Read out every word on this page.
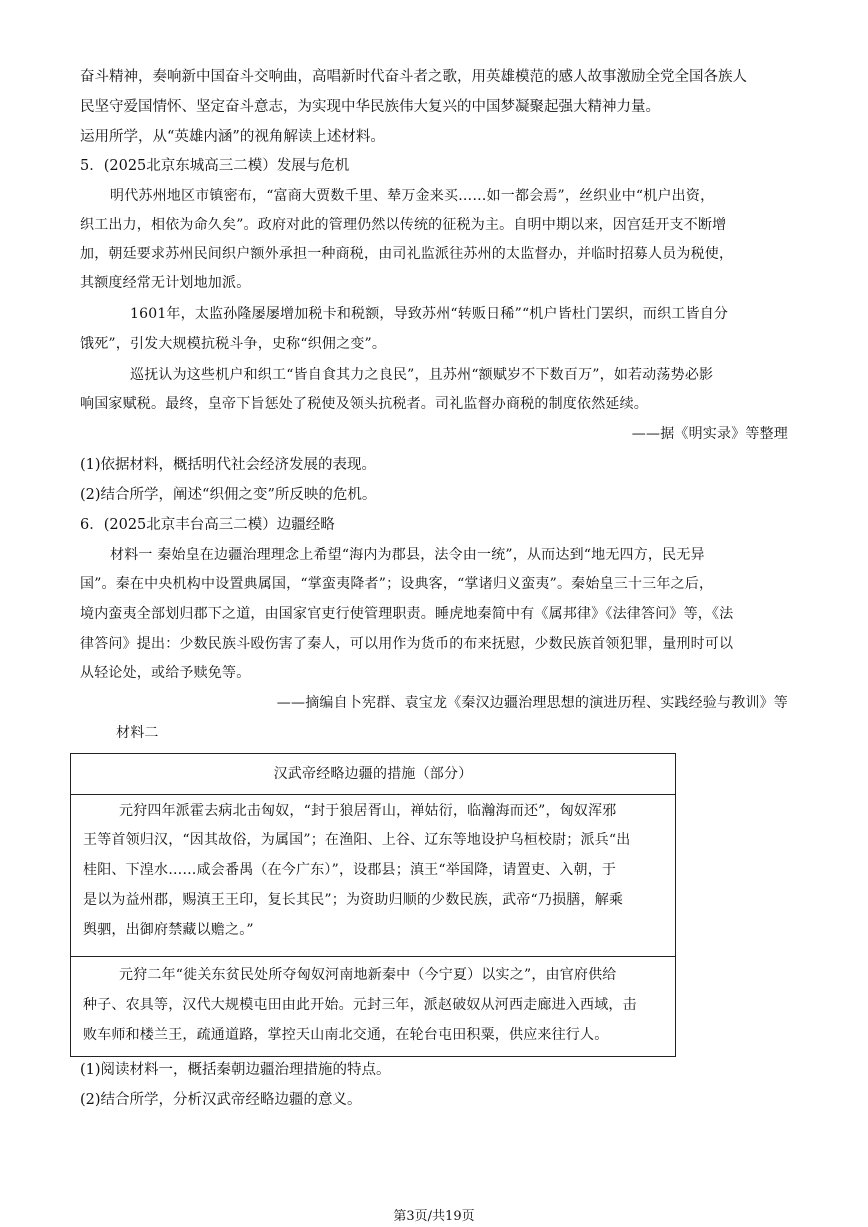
奋斗精神，奏响新中国奋斗交响曲，高唱新时代奋斗者之歌，用英雄模范的感人故事激励全党全国各族人
民坚守爱国情怀、坚定奋斗意志，为实现中华民族伟大复兴的中国梦凝聚起强大精神力量。
运用所学，从“英雄内涵”的视角解读上述材料。
5．(2025北京东城高三二模）发展与危机
明代苏州地区市镇密布，“富商大贾数千里、辇万金来买……如一都会焉”，丝织业中“机户出资，
织工出力，相依为命久矣”。政府对此的管理仍然以传统的征税为主。自明中期以来，因宫廷开支不断增
加，朝廷要求苏州民间织户额外承担一种商税，由司礼监派往苏州的太监督办，并临时招募人员为税使，
其额度经常无计划地加派。
1601年，太监孙隆屡屡增加税卡和税额，导致苏州“转贩日稀”“机户皆杜门罢织，而织工皆自分
饿死”，引发大规模抗税斗争，史称“织佣之变”。
巡抚认为这些机户和织工“皆自食其力之良民”，且苏州“额赋岁不下数百万”，如若动荡势必影
响国家赋税。最终，皇帝下旨惩处了税使及领头抗税者。司礼监督办商税的制度依然延续。
——据《明实录》等整理
(1)依据材料，概括明代社会经济发展的表现。
(2)结合所学，阐述“织佣之变”所反映的危机。
6．(2025北京丰台高三二模）边疆经略
材料一 秦始皇在边疆治理理念上希望“海内为郡县，法令由一统”，从而达到“地无四方，民无异
国”。秦在中央机构中设置典属国，“掌蛮夷降者”；设典客，“掌诸归义蛮夷”。秦始皇三十三年之后，
境内蛮夷全部划归郡下之道，由国家官吏行使管理职责。睡虎地秦简中有《属邦律》《法律答问》等，《法
律答问》提出：少数民族斗殴伤害了秦人，可以用作为货币的布来抚慰，少数民族首领犯罪，量刑时可以
从轻论处，或给予赎免等。
——摘编自卜宪群、袁宝龙《秦汉边疆治理思想的演进历程、实践经验与教训》等
材料二
汉武帝经略边疆的措施（部分）
元狩四年派霍去病北击匈奴，“封于狼居胥山，禅姑衍，临瀚海而还”，匈奴浑邪
王等首领归汉，“因其故俗，为属国”；在渔阳、上谷、辽东等地设护乌桓校尉；派兵“出
桂阳、下湟水……咸会番禺（在今广东）”，设郡县；滇王“举国降，请置吏、入朝，于
是以为益州郡，赐滇王王印，复长其民”；为资助归顺的少数民族，武帝“乃损膳，解乘
舆驷，出御府禁藏以赡之。”
元狩二年“徙关东贫民处所夺匈奴河南地新秦中（今宁夏）以实之”，由官府供给
种子、农具等，汉代大规模屯田由此开始。元封三年，派赵破奴从河西走廊进入西域，击
败车师和楼兰王，疏通道路，掌控天山南北交通，在轮台屯田积粟，供应来往行人。
(1)阅读材料一，概括秦朝边疆治理措施的特点。
(2)结合所学，分析汉武帝经略边疆的意义。
第3页/共19页
